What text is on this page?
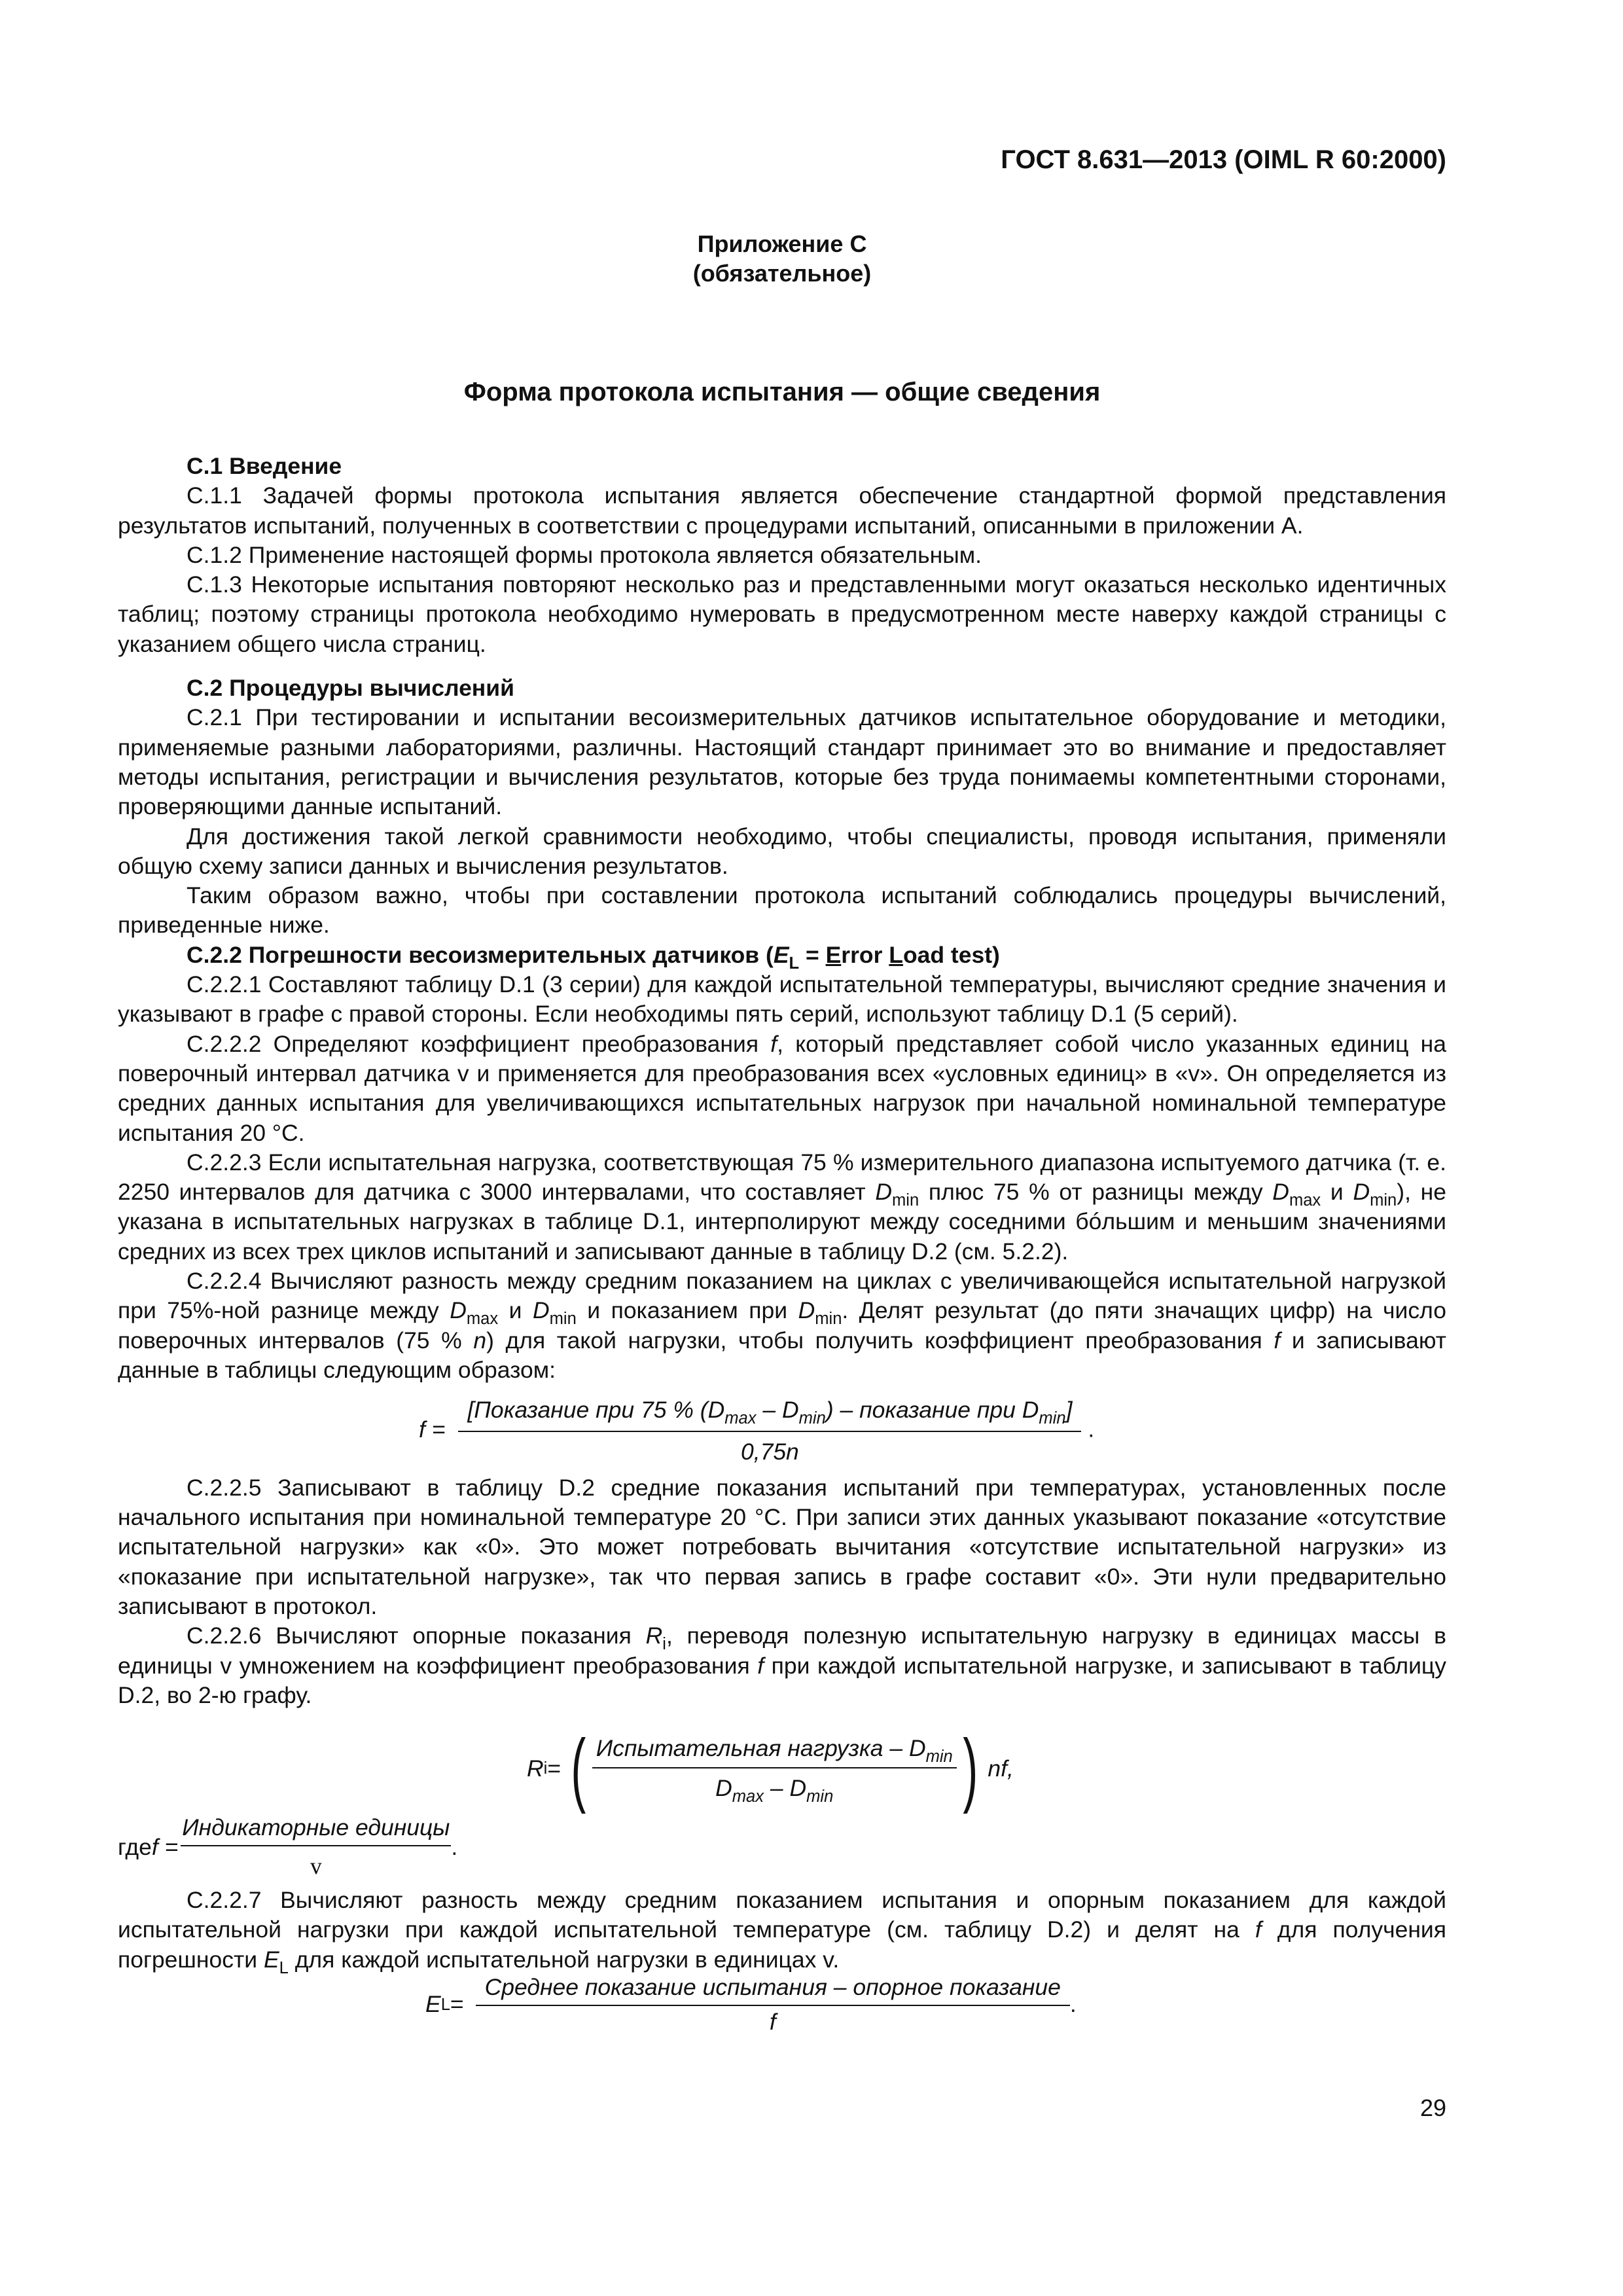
ГОСТ 8.631—2013 (OIML R 60:2000)
Приложение С
(обязательное)
Форма протокола испытания — общие сведения
С.1 Введение

С.1.1 Задачей формы протокола испытания является обеспечение стандартной формой представления результатов испытаний, полученных в соответствии с процедурами испытаний, описанными в приложении А.

С.1.2 Применение настоящей формы протокола является обязательным.

С.1.3 Некоторые испытания повторяют несколько раз и представленными могут оказаться несколько идентичных таблиц; поэтому страницы протокола необходимо нумеровать в предусмотренном месте наверху каждой страницы с указанием общего числа страниц.

С.2 Процедуры вычислений

С.2.1 При тестировании и испытании весоизмерительных датчиков испытательное оборудование и методики, применяемые разными лабораториями, различны. Настоящий стандарт принимает это во внимание и предоставляет методы испытания, регистрации и вычисления результатов, которые без труда понимаемы компетентными сторонами, проверяющими данные испытаний.

Для достижения такой легкой сравнимости необходимо, чтобы специалисты, проводя испытания, применяли общую схему записи данных и вычисления результатов.

Таким образом важно, чтобы при составлении протокола испытаний соблюдались процедуры вычислений, приведенные ниже.

С.2.2 Погрешности весоизмерительных датчиков ($E_L$ = Error Load test)

С.2.2.1 Составляют таблицу D.1 (3 серии) для каждой испытательной температуры, вычисляют средние значения и указывают в графе с правой стороны. Если необходимы пять серий, используют таблицу D.1 (5 серий).

С.2.2.2 Определяют коэффициент преобразования f, который представляет собой число указанных единиц на поверочный интервал датчика v и применяется для преобразования всех «условных единиц» в «v». Он определяется из средних данных испытания для увеличивающихся испытательных нагрузок при начальной номинальной температуре испытания 20 °С.

С.2.2.3 Если испытательная нагрузка, соответствующая 75 % измерительного диапазона испытуемого датчика (т. е. 2250 интервалов для датчика с 3000 интервалами, что составляет $D_{min}$ плюс 75 % от разницы между $D_{max}$ и $D_{min}$), не указана в испытательных нагрузках в таблице D.1, интерполируют между соседними бóльшим и меньшим значениями средних из всех трех циклов испытаний и записывают данные в таблицу D.2 (см. 5.2.2).

С.2.2.4 Вычисляют разность между средним показанием на циклах с увеличивающейся испытательной нагрузкой при 75%-ной разнице между $D_{max}$ и $D_{min}$ и показанием при $D_{min}$. Делят результат (до пяти значащих цифр) на число поверочных интервалов (75 % n) для такой нагрузки, чтобы получить коэффициент преобразования f и записывают данные в таблицы следующим образом:

$f = \frac{[Показание при 75 \% (D_{max} - D_{min}) - показание при D_{min}]}{0,75n}$ .

С.2.2.5 Записывают в таблицу D.2 средние показания испытаний при температурах, установленных после начального испытания при номинальной температуре 20 °С. При записи этих данных указывают показание «отсутствие испытательной нагрузки» как «0». Это может потребовать вычитания «отсутствие испытательной нагрузки» из «показание при испытательной нагрузке», так что первая запись в графе составит «0». Эти нули предварительно записывают в протокол.

С.2.2.6 Вычисляют опорные показания $R_i$, переводя полезную испытательную нагрузку в единицах массы в единицы v умножением на коэффициент преобразования f при каждой испытательной нагрузке, и записывают в таблицу D.2, во 2-ю графу.

R i = ( $\frac{Испытательная нагрузка - D_{min}}{D_{max} - D_{min}}$ ) nf,
где $f = \frac{\text{Индикаторные единицы}}{v}$ .

С.2.2.7 Вычисляют разность между средним показанием испытания и опорным показанием для каждой испытательной нагрузки при каждой испытательной температуре (см. таблицу D.2) и делят на f для получения погрешности $E_L$ для каждой испытательной нагрузки в единицах v.

E $L = \frac{\text{Среднее показание испытания – опорное показание}}{f}$ .
29
